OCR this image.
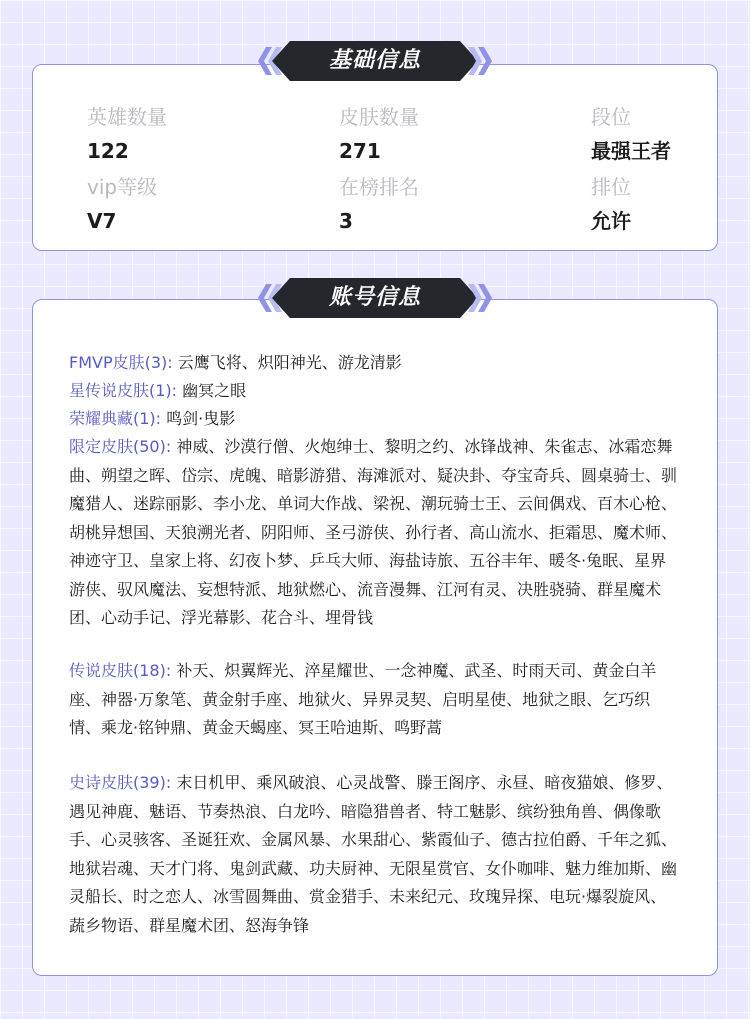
英雄数量
122
皮肤数量
271
段位
最强王者
vip等级
V7
在榜排名
3
排位
允许
基础信息
FMVP皮肤(3): 云鹰飞将、炽阳神光、游龙清影
星传说皮肤(1): 幽冥之眼
荣耀典藏(1): 鸣剑·曳影
限定皮肤(50): 神威、沙漠行僧、火炮绅士、黎明之约、冰锋战神、朱雀志、冰霜恋舞曲、朔望之晖、岱宗、虎魄、暗影游猎、海滩派对、疑决卦、夺宝奇兵、圆桌骑士、驯魔猎人、迷踪丽影、李小龙、单词大作战、梁祝、潮玩骑士王、云间偶戏、百木心枪、胡桃异想国、天狼溯光者、阴阳师、圣弓游侠、孙行者、高山流水、拒霜思、魔术师、神迹守卫、皇家上将、幻夜卜梦、乒乓大师、海盐诗旅、五谷丰年、暖冬·兔眠、星界游侠、驭风魔法、妄想特派、地狱燃心、流音漫舞、江河有灵、决胜骁骑、群星魔术团、心动手记、浮光幕影、花合斗、埋骨钱
传说皮肤(18): 补天、炽翼辉光、淬星耀世、一念神魔、武圣、时雨天司、黄金白羊座、神器·万象笔、黄金射手座、地狱火、异界灵契、启明星使、地狱之眼、乞巧织情、乘龙·铭钟鼎、黄金天蝎座、冥王哈迪斯、鸣野蒿
史诗皮肤(39): 末日机甲、乘风破浪、心灵战警、滕王阁序、永昼、暗夜猫娘、修罗、遇见神鹿、魅语、节奏热浪、白龙吟、暗隐猎兽者、特工魅影、缤纷独角兽、偶像歌手、心灵骇客、圣诞狂欢、金属风暴、水果甜心、紫霞仙子、德古拉伯爵、千年之狐、地狱岩魂、天才门将、鬼剑武藏、功夫厨神、无限星赏官、女仆咖啡、魅力维加斯、幽灵船长、时之恋人、冰雪圆舞曲、赏金猎手、未来纪元、玫瑰异探、电玩·爆裂旋风、蔬乡物语、群星魔术团、怒海争锋
账号信息
